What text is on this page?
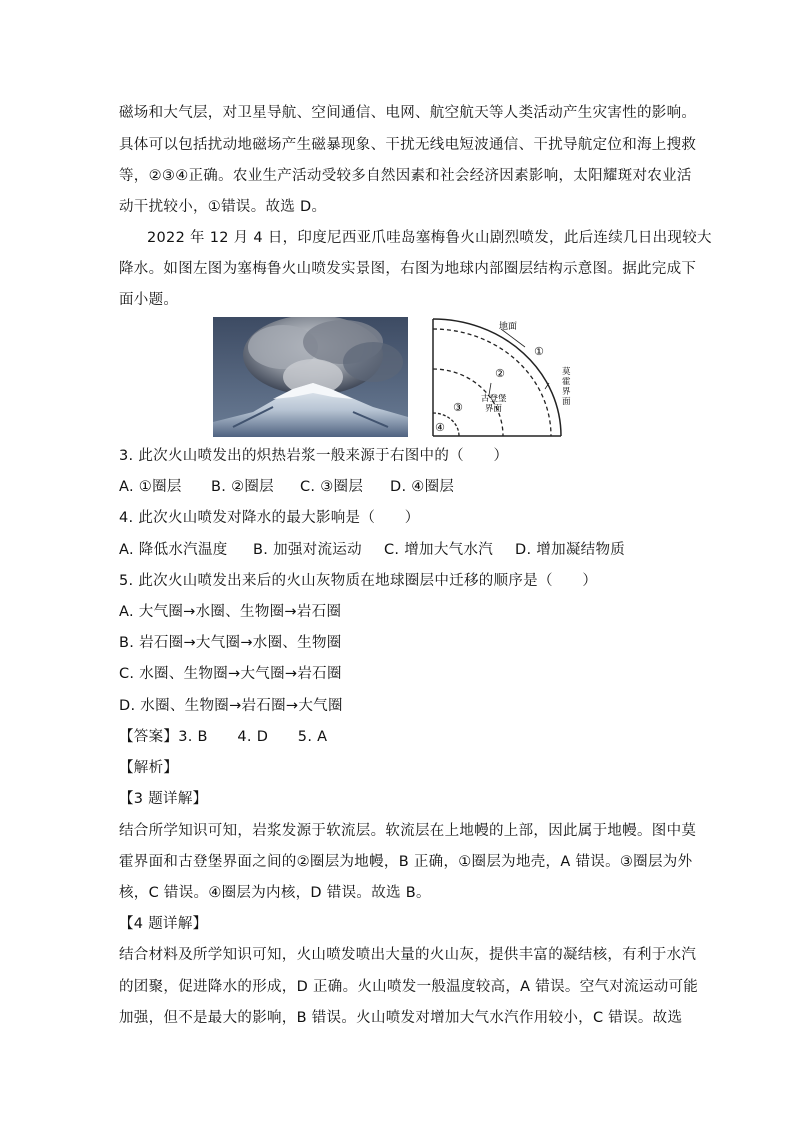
磁场和大气层，对卫星导航、空间通信、电网、航空航天等人类活动产生灾害性的影响。
具体可以包括扰动地磁场产生磁暴现象、干扰无线电短波通信、干扰导航定位和海上搜救
等，②③④正确。农业生产活动受较多自然因素和社会经济因素影响，太阳耀斑对农业活
动干扰较小，①错误。故选 D。
2022 年 12 月 4 日，印度尼西亚爪哇岛塞梅鲁火山剧烈喷发，此后连续几日出现较大
降水。如图左图为塞梅鲁火山喷发实景图，右图为地球内部圈层结构示意图。据此完成下
面小题。
地面
①
②
③
④
莫
霍
界
面
古登堡
界面
3. 此次火山喷发出的炽热岩浆一般来源于右图中的（　　）
A. ①圈层 B. ②圈层 C. ③圈层 D. ④圈层
4. 此次火山喷发对降水的最大影响是（　　）
A. 降低水汽温度 B. 加强对流运动 C. 增加大气水汽 D. 增加凝结物质
5. 此次火山喷发出来后的火山灰物质在地球圈层中迁移的顺序是（　　）
A. 大气圈→水圈、生物圈→岩石圈
B. 岩石圈→大气圈→水圈、生物圈
C. 水圈、生物圈→大气圈→岩石圈
D. 水圈、生物圈→岩石圈→大气圈
【答案】3. B　　4. D　　5. A
【解析】
【3 题详解】
结合所学知识可知，岩浆发源于软流层。软流层在上地幔的上部，因此属于地幔。图中莫
霍界面和古登堡界面之间的②圈层为地幔，B 正确，①圈层为地壳，A 错误。③圈层为外
核，C 错误。④圈层为内核，D 错误。故选 B。
【4 题详解】
结合材料及所学知识可知，火山喷发喷出大量的火山灰，提供丰富的凝结核，有利于水汽
的团聚，促进降水的形成，D 正确。火山喷发一般温度较高，A 错误。空气对流运动可能
加强，但不是最大的影响，B 错误。火山喷发对增加大气水汽作用较小，C 错误。故选
